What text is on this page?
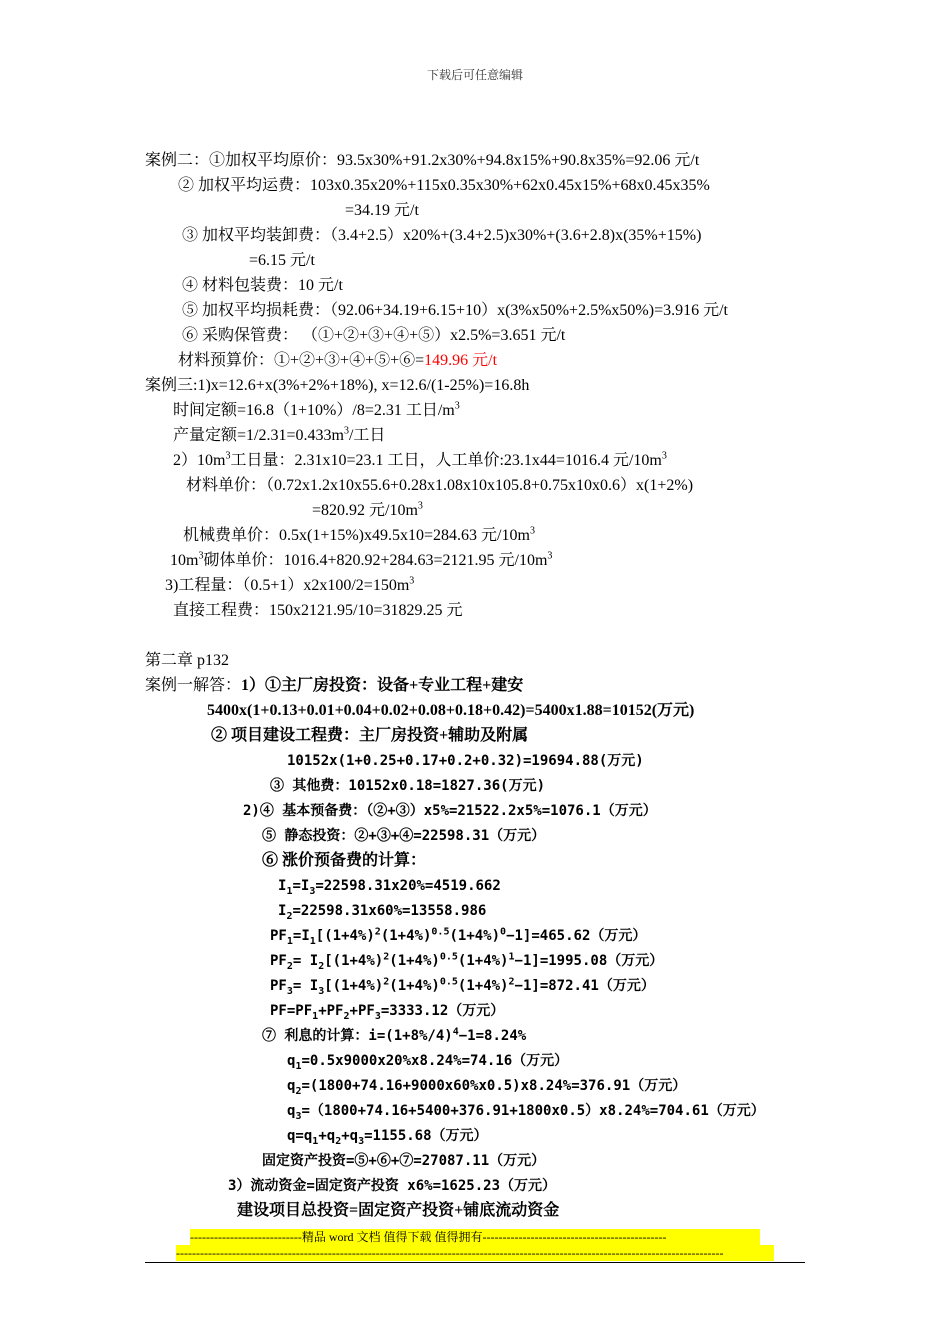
下载后可任意编辑
案例二：①加权平均原价：93.5x30%+91.2x30%+94.8x15%+90.8x35%=92.06 元/t
② 加权平均运费：103x0.35x20%+115x0.35x30%+62x0.45x15%+68x0.45x35%
=34.19 元/t
③ 加权平均装卸费：（3.4+2.5）x20%+(3.4+2.5)x30%+(3.6+2.8)x(35%+15%)
=6.15 元/t
④ 材料包装费：10 元/t
⑤ 加权平均损耗费：（92.06+34.19+6.15+10）x(3%x50%+2.5%x50%)=3.916 元/t
⑥ 采购保管费： （①+②+③+④+⑤）x2.5%=3.651 元/t
材料预算价：①+②+③+④+⑤+⑥=149.96 元/t
案例三:1)x=12.6+x(3%+2%+18%), x=12.6/(1-25%)=16.8h
时间定额=16.8（1+10%）/8=2.31 工日$/m^3$
产量定额$=1/2.31=0.433m^3/$工日
$2)10m^3$工日量：2.31x10=23.1 工日，人工单价:23.1x44=1016.4 元$/10m^3$
材料单价：（0.72x1.2x10x55.6+0.28x1.08x10x105.8+0.75x10x0.6）x(1+2%)
=820.92 元$/10m^3$
机械费单价：0.5x(1+15%)x49.5x10=284.63 元$/10m^3$
$10m^3$砌体单价：1016.4+820.92+284.63=2121.95 元$/10m^3$
3)工程量：$(0.5+1)x2x100/2=150m^3$
直接工程费：150x2121.95/10=31829.25 元
第二章 p132
案例一解答：1）①主厂房投资：设备+专业工程+建安
5400x(1+0.13+0.01+0.04+0.02+0.08+0.18+0.42)=5400x1.88=10152(万元)
② 项目建设工程费：主厂房投资+辅助及附属
10152x(1+0.25+0.17+0.2+0.32)=19694.88(万元)
③ 其他费：10152x0.18=1827.36(万元)
2)④ 基本预备费：（②+③）x5%=21522.2x5%=1076.1（万元）
⑤ 静态投资：②+③+④=22598.31（万元）
⑥ 涨价预备费的计算：
$I_1=I_3=22598.31x20\%=4519.662$
$I_2=22598.31x60\%=13558.986$
$PF_1=I_1[(1+4\%)^2(1+4\%)^{0.5}(1+4\%)^0-1]=465.62$（万元）
$PF_2= I_2[(1+4\%)^2(1+4\%)^{0.5}(1+4\%)^1-1]=1995.08$（万元）
$PF_3= I_3[(1+4\%)^2(1+4\%)^{0.5}(1+4\%)^2-1]=872.41$（万元）
$PF=PF_1+PF_2+PF_3=3333.12$（万元）
⑦ 利息的计算：$i=(1+8\%/4)^4-1=8.24\%$
$q_1=0.5x9000x20\%x8.24\%=74.16$（万元）
$q_2=(1800+74.16+9000x60\%x0.5)x8.24\%=376.91$（万元）
$q_3=(1800+74.16+5400+376.91+1800x0.5)x8.24\%=704.61$（万元）
$q=q_1+q_2+q_3=1155.68$（万元）
固定资产投资=⑤+⑥+⑦=27087.11（万元）
3）流动资金=固定资产投资 x6%=1625.23（万元）
建设项目总投资=固定资产投资+铺底流动资金
----------------------------精品 word 文档 值得下载 值得拥有----------------------------------------------
-----------------------------------------------------------------------------------------------------------------------------------------
